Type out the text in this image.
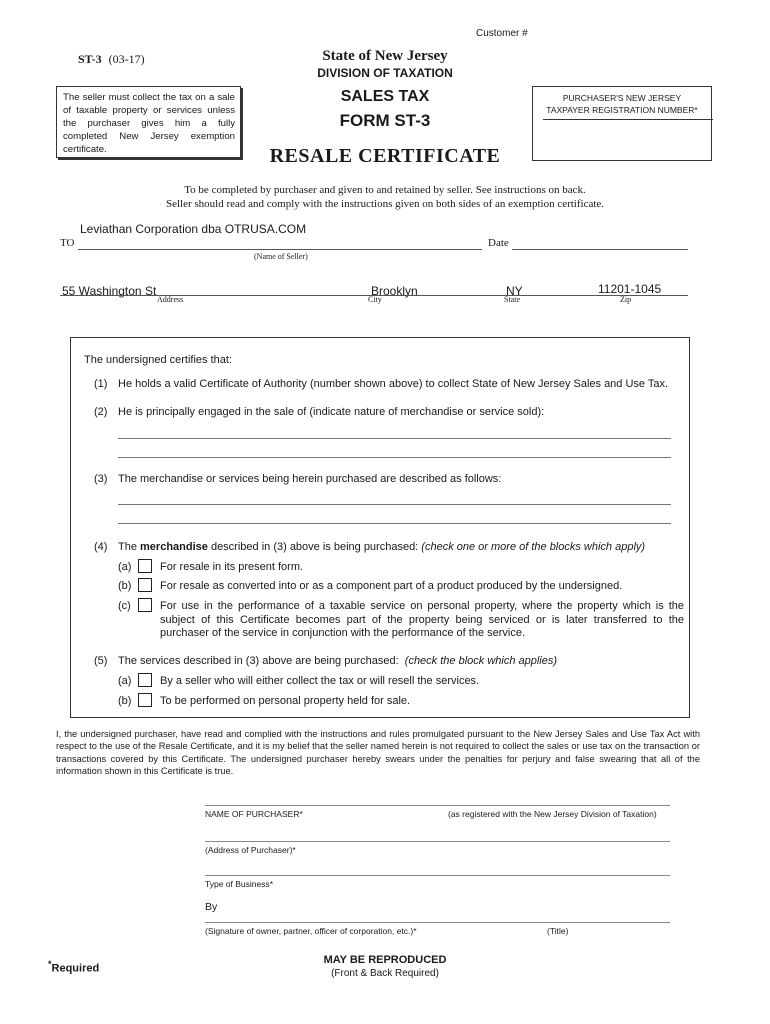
Customer #
ST-3 (03-17)	State of New Jersey
DIVISION OF TAXATION
The seller must collect the tax on a sale of taxable property or services unless the purchaser gives him a fully completed New Jersey exemption certificate.
SALES TAX
FORM ST-3
PURCHASER'S NEW JERSEY
TAXPAYER REGISTRATION NUMBER*
RESALE CERTIFICATE
To be completed by purchaser and given to and retained by seller. See instructions on back.
Seller should read and comply with the instructions given on both sides of an exemption certificate.
Leviathan Corporation dba OTRUSA.COM
TO	Date
(Name of Seller)
55 Washington St	Brooklyn	NY	11201-1045
Address	City	State	Zip
The undersigned certifies that:
(1) He holds a valid Certificate of Authority (number shown above) to collect State of New Jersey Sales and Use Tax.
(2) He is principally engaged in the sale of (indicate nature of merchandise or service sold):
(3) The merchandise or services being herein purchased are described as follows:
(4) The merchandise described in (3) above is being purchased: (check one or more of the blocks which apply)
(a)	For resale in its present form.
(b)	For resale as converted into or as a component part of a product produced by the undersigned.
(c)	For use in the performance of a taxable service on personal property, where the property which is the subject of this Certificate becomes part of the property being serviced or is later transferred to the purchaser of the service in conjunction with the performance of the service.
(5) The services described in (3) above are being purchased:  (check the block which applies)
(a)	By a seller who will either collect the tax or will resell the services.
(b)	To be performed on personal property held for sale.
I, the undersigned purchaser, have read and complied with the instructions and rules promulgated pursuant to the New Jersey Sales and Use Tax Act with respect to the use of the Resale Certificate, and it is my belief that the seller named herein is not required to collect the sales or use tax on the transaction or transactions covered by this Certificate. The undersigned purchaser hereby swears under the penalties for perjury and false swearing that all of the information shown in this Certificate is true.
NAME OF PURCHASER*	(as registered with the New Jersey Division of Taxation)
(Address of Purchaser)*
Type of Business*
By
(Signature of owner, partner, officer of corporation, etc.)*	(Title)
*Required
MAY BE REPRODUCED
(Front & Back Required)
